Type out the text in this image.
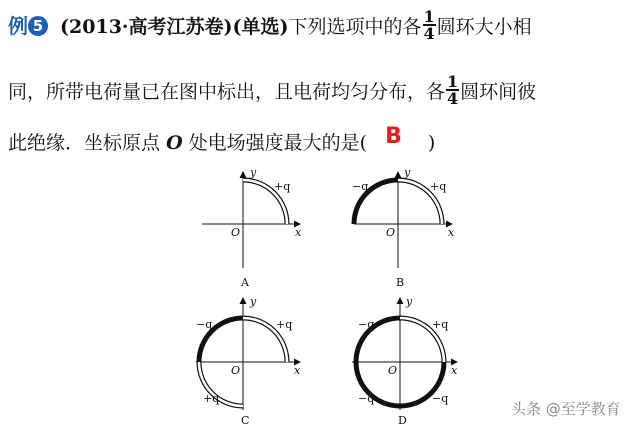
例 5 (2013·高考江苏卷)(单选)下列选项中的各 $\frac{1}{4}$ 圆环大小相
同，所带电荷量已在图中标出，且电荷均匀分布，各 $\frac{1}{4}$ 圆环间彼
此绝缘．坐标原点 O 处电场强度最大的是( B )
y
x
O
+q
A
y
x
O
−q	+q
B
y
x
O
−q	+q
+q
C
y
x
O
−q	+q
−q	−q
D
头条 @至学教育
